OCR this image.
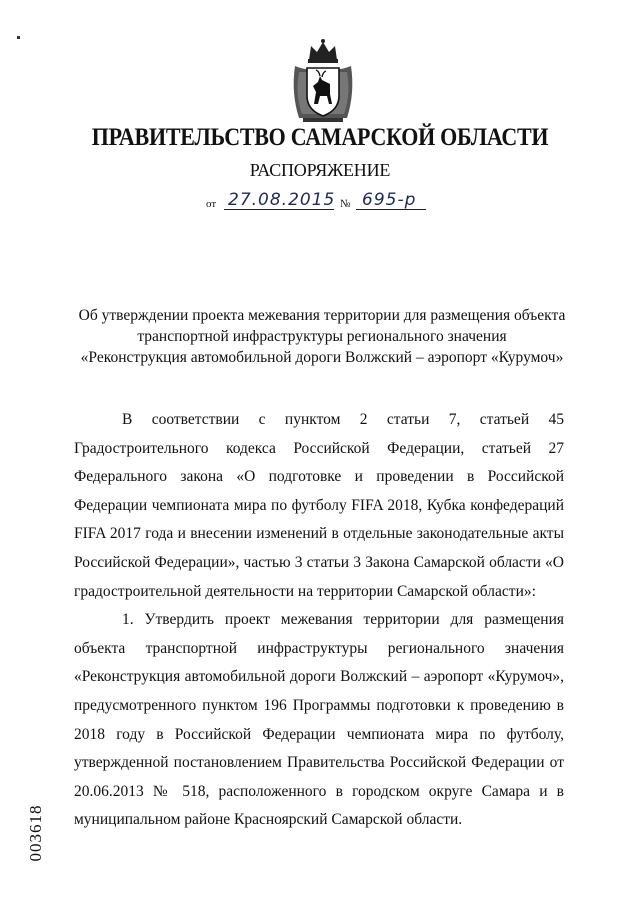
ПРАВИТЕЛЬСТВО САМАРСКОЙ ОБЛАСТИ
РАСПОРЯЖЕНИЕ
от 27.08.2015 № 695-р
Об утверждении проекта межевания территории для размещения объекта
транспортной инфраструктуры регионального значения
«Реконструкция автомобильной дороги Волжский – аэропорт «Курумоч»

В соответствии с пунктом 2 статьи 7, статьей 45 Градостроительного кодекса Российской Федерации, статьей 27 Федерального закона «О подготовке и проведении в Российской Федерации чемпионата мира по футболу FIFA 2018, Кубка конфедераций FIFA 2017 года и внесении изменений в отдельные законодательные акты Российской Федерации», частью 3 статьи 3 Закона Самарской области «О градостроительной деятельности на территории Самарской области»:

1. Утвердить проект межевания территории для размещения объекта транспортной инфраструктуры регионального значения «Реконструкция автомобильной дороги Волжский – аэропорт «Курумоч», предусмотренного пунктом 196 Программы подготовки к проведению в 2018 году в Российской Федерации чемпионата мира по футболу, утвержденной постановлением Правительства Российской Федерации от 20.06.2013 № 518, расположенного в городском округе Самара и в муниципальном районе Красноярский Самарской области.

003618
